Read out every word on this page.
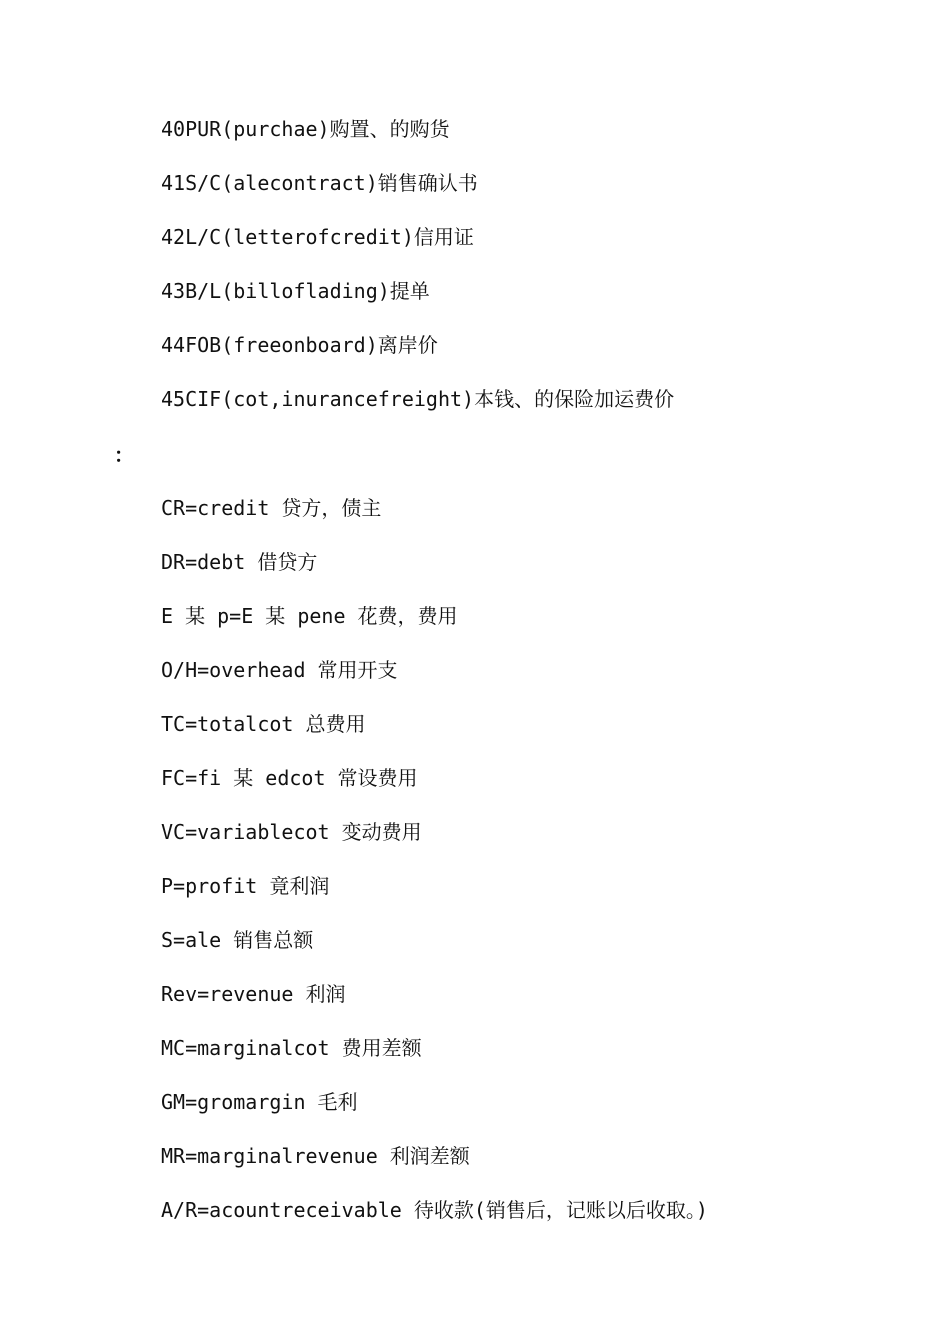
40PUR(purchae)购置、的购货
41S/C(alecontract)销售确认书
42L/C(letterofcredit)信用证
43B/L(billoflading)提单
44FOB(freeonboard)离岸价
45CIF(cot,inurancefreight)本钱、的保险加运费价
：
CR=credit 贷方，债主
DR=debt 借贷方
E 某 p=E 某 pene 花费，费用
O/H=overhead 常用开支
TC=totalcot 总费用
FC=fi 某 edcot 常设费用
VC=variablecot 变动费用
P=profit 竟利润
S=ale 销售总额
Rev=revenue 利润
MC=marginalcot 费用差额
GM=gromargin 毛利
MR=marginalrevenue 利润差额
A/R=acountreceivable 待收款(销售后，记账以后收取。)
